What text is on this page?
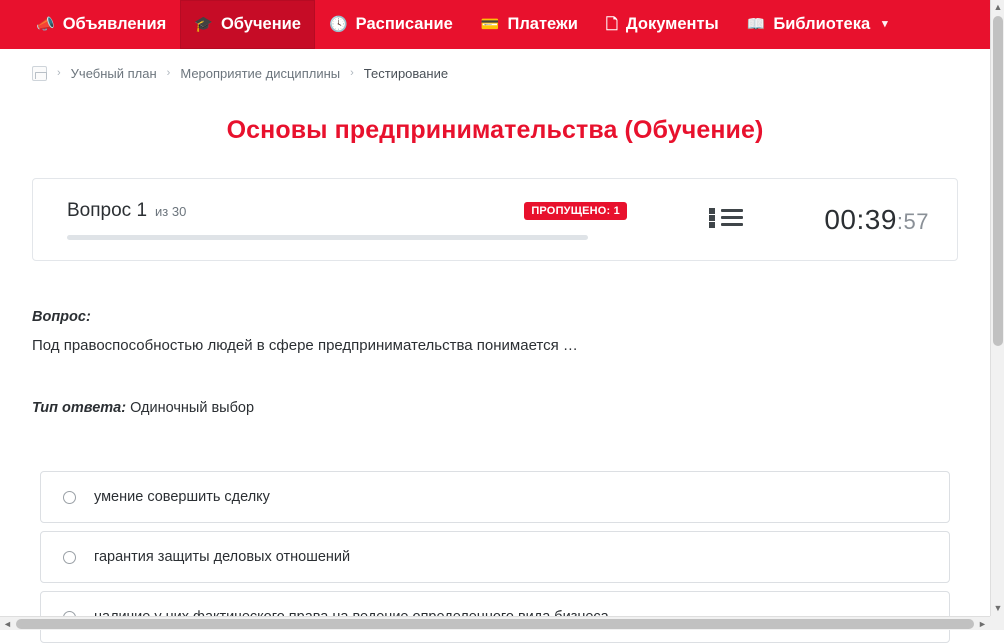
📣 Объявления 🎓 Обучение 🕓 Расписание 💳 Платежи 🗋 Документы 📖 Библиотека ▾
› Учебный план › Мероприятие дисциплины › Тестирование
Основы предпринимательства (Обучение)
Вопрос 1 из 30	ПРОПУЩЕНО: 1	00:39:57
Вопрос:
Под правоспособностью людей в сфере предпринимательства понимается …
Тип ответа: Одиночный выбор
умение совершить сделку
гарантия защиты деловых отношений
▲
▼
◄	►
